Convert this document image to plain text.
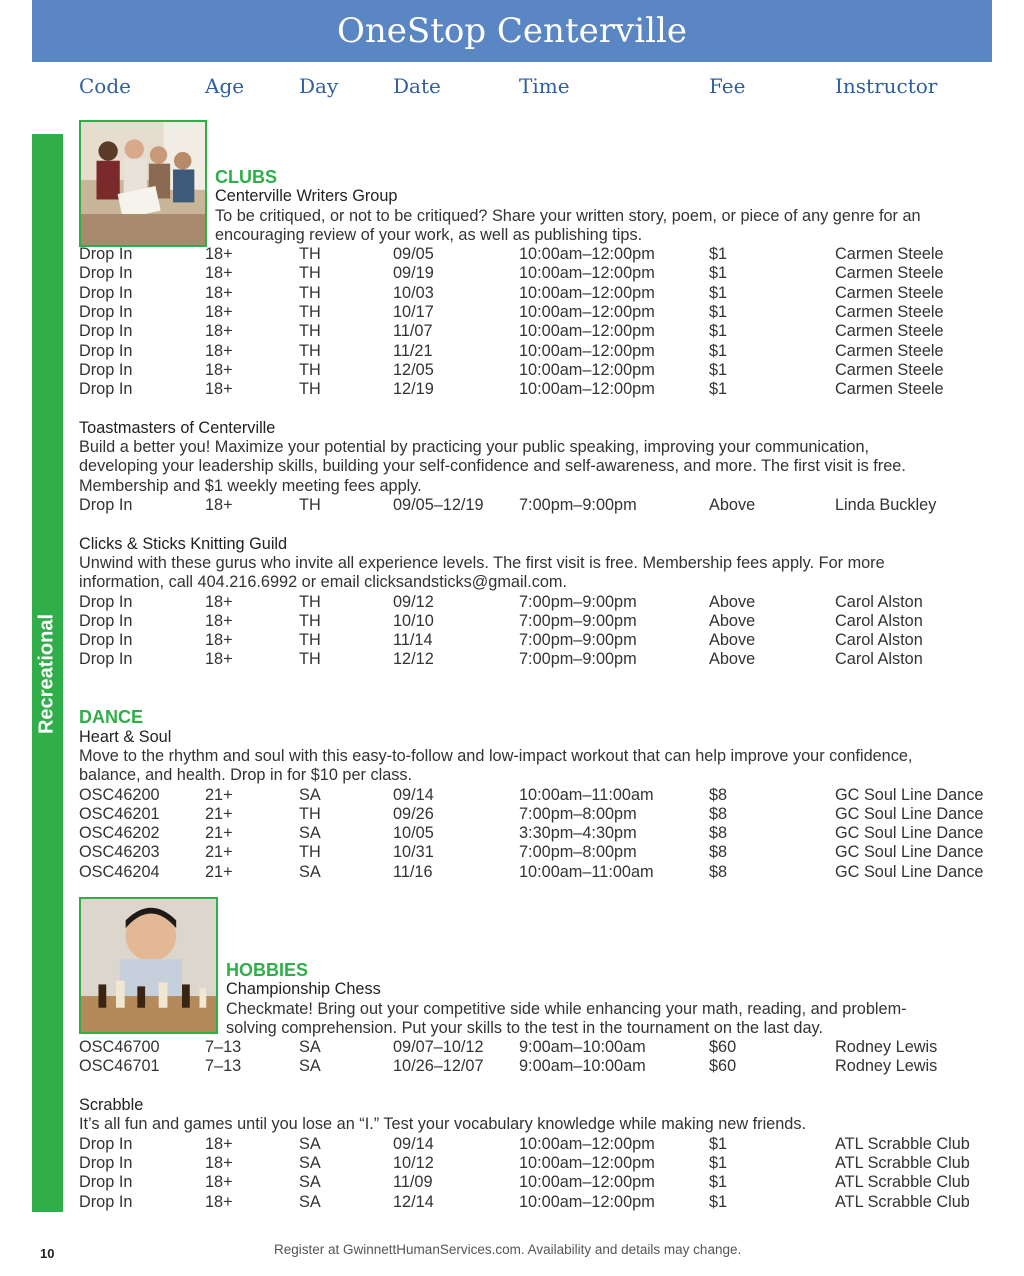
OneStop Centerville
Code	Age	Day	Date	Time	Fee	Instructor
Recreational
CLUBS
Centerville Writers Group
To be critiqued, or not to be critiqued? Share your written story, poem, or piece of any genre for an
encouraging review of your work, as well as publishing tips.
Drop In	18+	TH	09/05	10:00am–12:00pm	$1	Carmen Steele
Drop In	18+	TH	09/19	10:00am–12:00pm	$1	Carmen Steele
Drop In	18+	TH	10/03	10:00am–12:00pm	$1	Carmen Steele
Drop In	18+	TH	10/17	10:00am–12:00pm	$1	Carmen Steele
Drop In	18+	TH	11/07	10:00am–12:00pm	$1	Carmen Steele
Drop In	18+	TH	11/21	10:00am–12:00pm	$1	Carmen Steele
Drop In	18+	TH	12/05	10:00am–12:00pm	$1	Carmen Steele
Drop In	18+	TH	12/19	10:00am–12:00pm	$1	Carmen Steele
Toastmasters of Centerville
Build a better you! Maximize your potential by practicing your public speaking, improving your communication,
developing your leadership skills, building your self-confidence and self-awareness, and more. The first visit is free.
Membership and $1 weekly meeting fees apply.
Drop In	18+	TH	09/05–12/19 7:00pm–9:00pm	Above	Linda Buckley
Clicks & Sticks Knitting Guild
Unwind with these gurus who invite all experience levels. The first visit is free. Membership fees apply. For more
information, call 404.216.6992 or email clicksandsticks@gmail.com.
Drop In	18+	TH	09/12	7:00pm–9:00pm	Above	Carol Alston
Drop In	18+	TH	10/10	7:00pm–9:00pm	Above	Carol Alston
Drop In	18+	TH	11/14	7:00pm–9:00pm	Above	Carol Alston
Drop In	18+	TH	12/12	7:00pm–9:00pm	Above	Carol Alston
DANCE
Heart & Soul
Move to the rhythm and soul with this easy-to-follow and low-impact workout that can help improve your confidence,
balance, and health. Drop in for $10 per class.
OSC46200	21+	SA	09/14	10:00am–11:00am	$8	GC Soul Line Dance
OSC46201	21+	TH	09/26	7:00pm–8:00pm	$8	GC Soul Line Dance
OSC46202	21+	SA	10/05	3:30pm–4:30pm	$8	GC Soul Line Dance
OSC46203	21+	TH	10/31	7:00pm–8:00pm	$8	GC Soul Line Dance
OSC46204	21+	SA	11/16	10:00am–11:00am	$8	GC Soul Line Dance
HOBBIES
Championship Chess
Checkmate! Bring out your competitive side while enhancing your math, reading, and problem-
solving comprehension. Put your skills to the test in the tournament on the last day.
OSC46700	7–13	SA	09/07–10/12 9:00am–10:00am	$60	Rodney Lewis
OSC46701	7–13	SA	10/26–12/07 9:00am–10:00am	$60	Rodney Lewis
Scrabble
It’s all fun and games until you lose an “I.” Test your vocabulary knowledge while making new friends.
Drop In	18+	SA	09/14	10:00am–12:00pm	$1	ATL Scrabble Club
Drop In	18+	SA	10/12	10:00am–12:00pm	$1	ATL Scrabble Club
Drop In	18+	SA	11/09	10:00am–12:00pm	$1	ATL Scrabble Club
Drop In	18+	SA	12/14	10:00am–12:00pm	$1	ATL Scrabble Club
10	Register at GwinnettHumanServices.com. Availability and details may change.
